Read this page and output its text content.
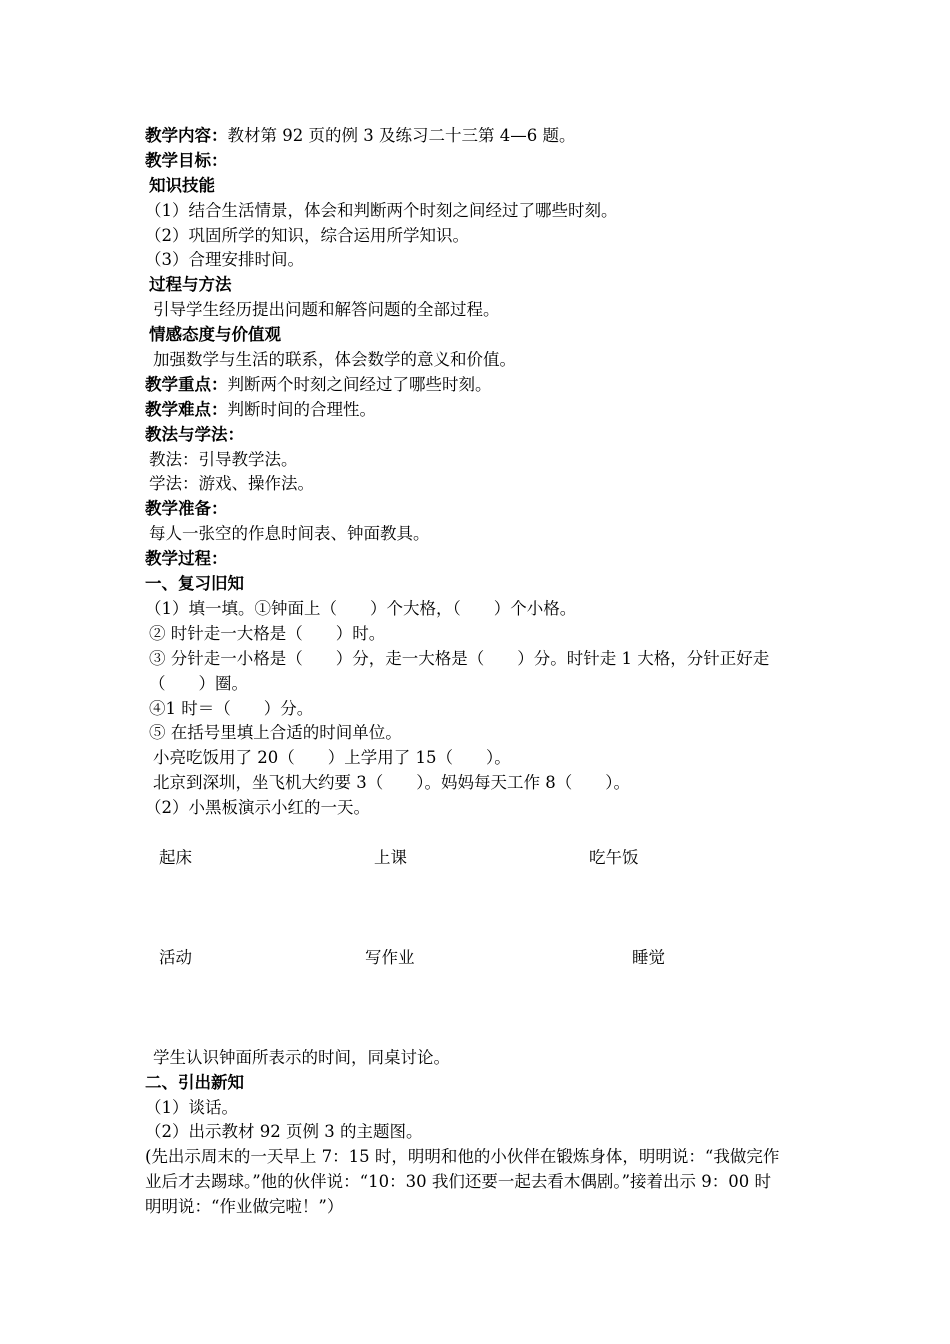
教学内容：教材第 92 页的例 3 及练习二十三第 4—6 题。
教学目标：
知识技能
（1）结合生活情景，体会和判断两个时刻之间经过了哪些时刻。
（2）巩固所学的知识，综合运用所学知识。
（3）合理安排时间。
过程与方法
引导学生经历提出问题和解答问题的全部过程。
情感态度与价值观
加强数学与生活的联系，体会数学的意义和价值。
教学重点：判断两个时刻之间经过了哪些时刻。
教学难点：判断时间的合理性。
教法与学法：
教法：引导教学法。
学法：游戏、操作法。
教学准备：
每人一张空的作息时间表、钟面教具。
教学过程：
一、复习旧知
（1）填一填。①钟面上（　　）个大格，（　　）个小格。
② 时针走一大格是（　　）时。
③ 分针走一小格是（　　）分，走一大格是（　　）分。时针走 1 大格，分针正好走（　　）圈。
④1 时＝（　　）分。
⑤ 在括号里填上合适的时间单位。
小亮吃饭用了 20（　　）上学用了 15（　　）。
北京到深圳，坐飞机大约要 3（　　）。妈妈每天工作 8（　　）。
（2）小黑板演示小红的一天。
起床	上课	吃午饭
活动	写作业	睡觉
学生认识钟面所表示的时间，同桌讨论。
二、引出新知
（1）谈话。
（2）出示教材 92 页例 3 的主题图。
(先出示周末的一天早上 7：15 时，明明和他的小伙伴在锻炼身体，明明说：“我做完作业后才去踢球。”他的伙伴说：“10：30 我们还要一起去看木偶剧。”接着出示 9：00 时明明说：“作业做完啦！”）
